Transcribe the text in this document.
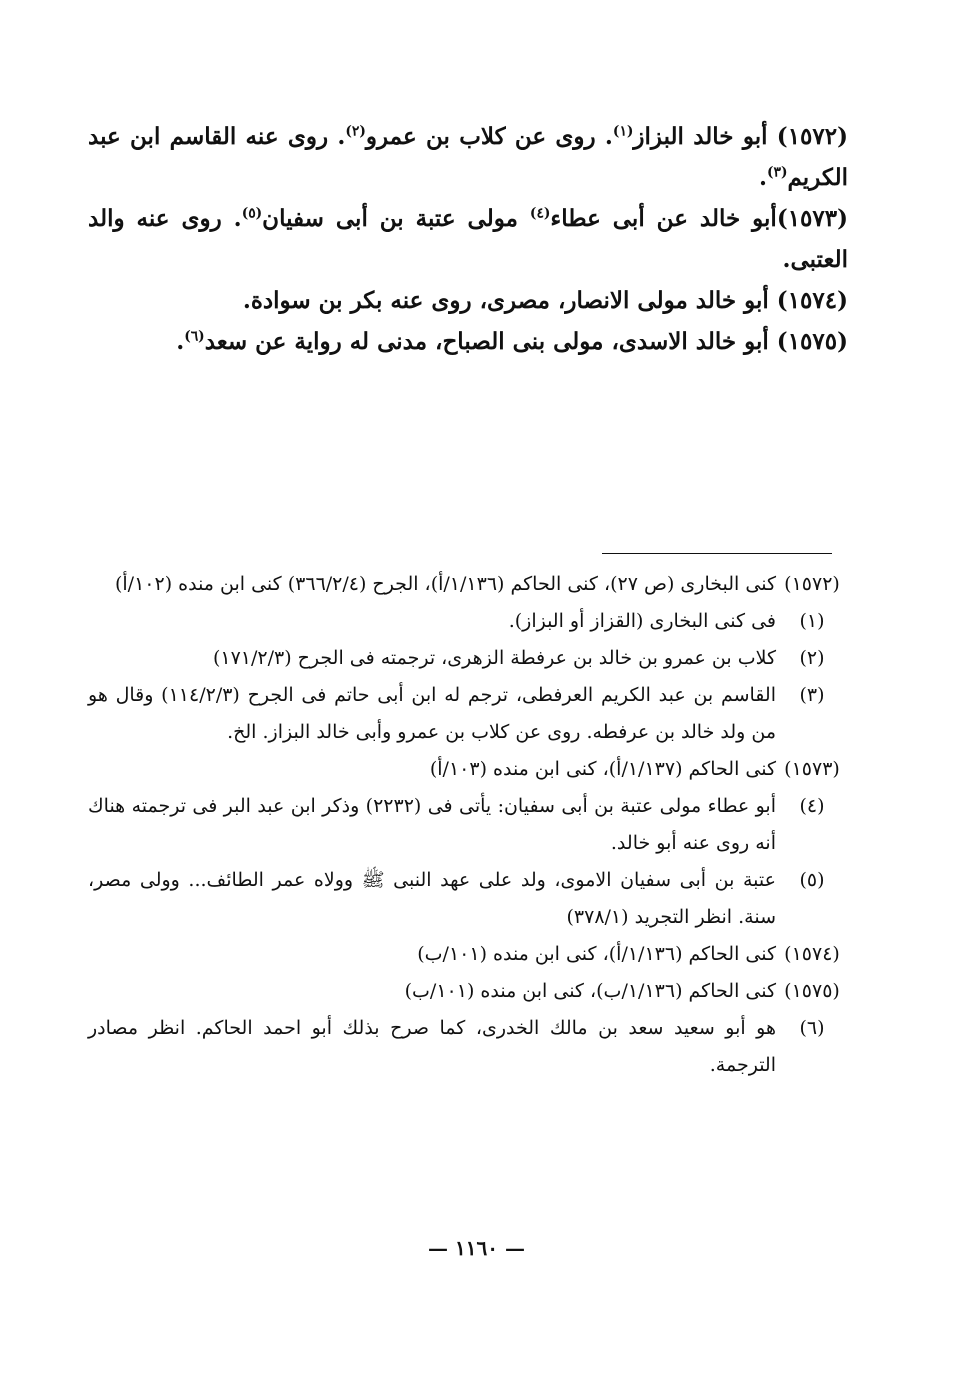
(١٥٧٢) أبو خالد البزاز$^{(١)}$. روى عن كلاب بن عمرو$^{(٢)}$. روى عنه القاسم ابن عبد الكريم$^{(٣)}$.

(١٥٧٣)أبو خالد عن أبى عطاء$^{(٤)}$ مولى عتبة بن أبى سفيان$^{(٥)}$. روى عنه والد العتبى.

(١٥٧٤) أبو خالد مولى الانصار، مصرى، روى عنه بكر بن سوادة.

(١٥٧٥) أبو خالد الاسدى، مولى بنى الصباح، مدنى له رواية عن سعد$^{(٦)}$.

(١٥٧٢)
كنى البخارى (ص ٢٧)، كنى الحاكم (١/١٣٦/أ)، الجرح (٣٦٦/٢/٤) كنى ابن منده (١٠٢/أ)
(١)
فى كنى البخارى (القزاز أو البزاز).
(٢)
كلاب بن عمرو بن خالد بن عرفطة الزهرى، ترجمته فى الجرح (١٧١/٢/٣)
(٣)
القاسم بن عبد الكريم العرفطى، ترجم له ابن أبى حاتم فى الجرح (١١٤/٢/٣) وقال هو من ولد خالد بن عرفطه. روى عن كلاب بن عمرو وأبى خالد البزاز. الخ.
(١٥٧٣)
كنى الحاكم (١/١٣٧/أ)، كنى ابن منده (١٠٣/أ)
(٤)
أبو عطاء مولى عتبة بن أبى سفيان: يأتى فى (٢٢٣٢) وذكر ابن عبد البر فى ترجمته هناك أنه روى عنه أبو خالد.
(٥)
عتبة بن أبى سفيان الاموى، ولد على عهد النبى ﷺ وولاه عمر الطائف... وولى مصر، سنة. انظر التجريد (٣٧٨/١)
(١٥٧٤)
كنى الحاكم (١/١٣٦/أ)، كنى ابن منده (١٠١/ب)
(١٥٧٥)
كنى الحاكم (١/١٣٦/ب)، كنى ابن منده (١٠١/ب)
(٦)
هو أبو سعيد سعد بن مالك الخدرى، كما صرح بذلك أبو احمد الحاكم. انظر مصادر الترجمة.
— ١١٦٠ —
